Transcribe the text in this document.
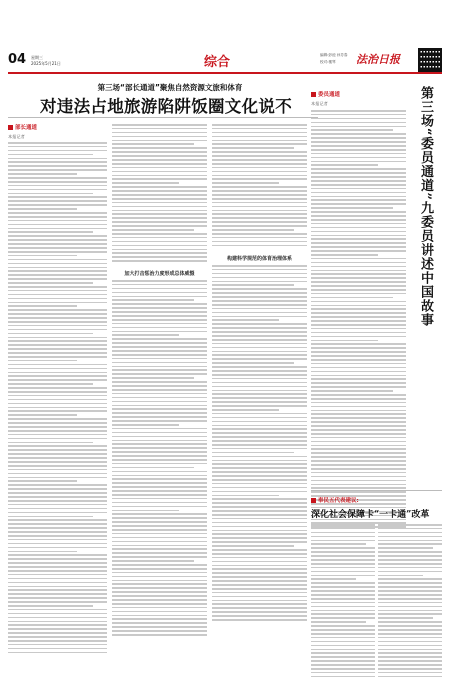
04 星期三
2025年5月21日	综合	编辑:彭池 孙芳春
校对:楼琴 法治日报
第三场“部长通道”聚焦自然资源文旅和体育
对违法占地旅游陷阱饭圈文化说不
部长通道
本报记者
加大打击惩治力度形成总体威慑
构建科学规范的体育治理体系
委员通道
本报记者	第三场“委员通道”九委员讲述中国故事
奉民五代表建议:
深化社会保障卡“一卡通”改革
